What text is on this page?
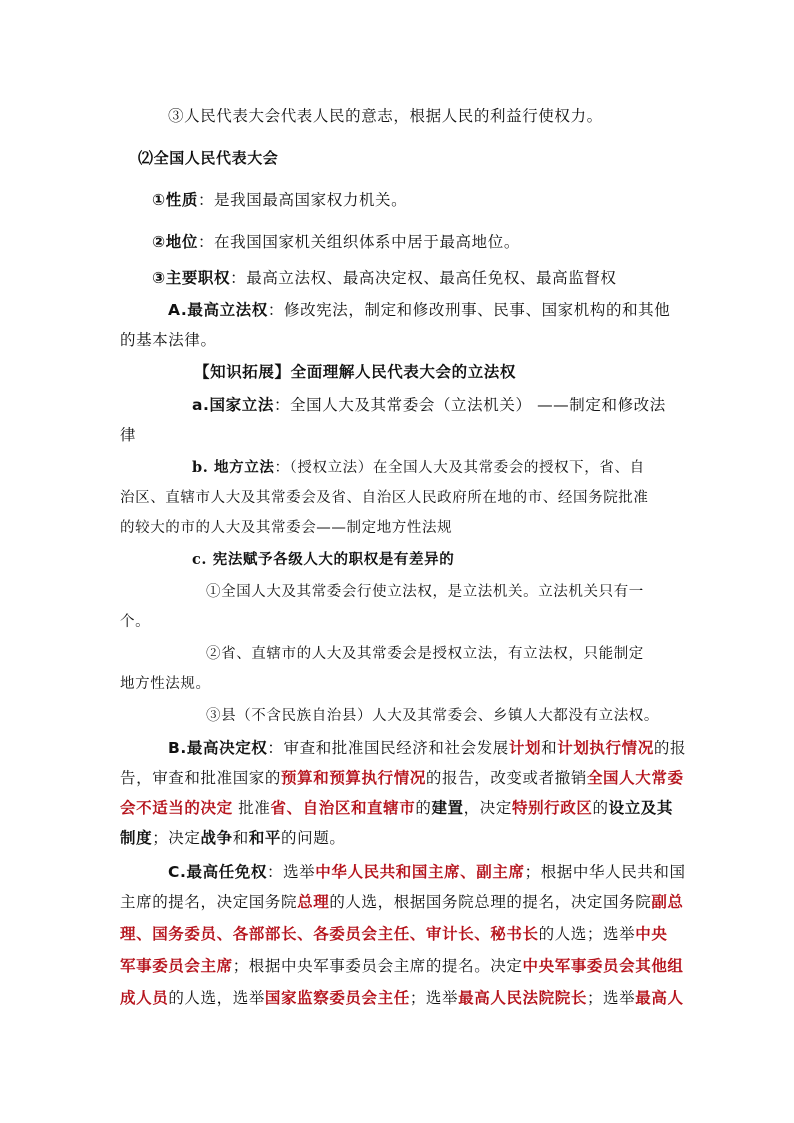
③人民代表大会代表人民的意志，根据人民的利益行使权力。
⑵全国人民代表大会
①性质：是我国最高国家权力机关。
②地位：在我国国家机关组织体系中居于最高地位。
③主要职权：最高立法权、最高决定权、最高任免权、最高监督权
A.最高立法权：修改宪法，制定和修改刑事、民事、国家机构的和其他
的基本法律。
【知识拓展】全面理解人民代表大会的立法权
a.国家立法：全国人大及其常委会（立法机关） ——制定和修改法
律
b. 地方立法：（授权立法）在全国人大及其常委会的授权下，省、自
治区、直辖市人大及其常委会及省、自治区人民政府所在地的市、经国务院批准
的较大的市的人大及其常委会——制定地方性法规
c. 宪法赋予各级人大的职权是有差异的
①全国人大及其常委会行使立法权，是立法机关。立法机关只有一
个。
②省、直辖市的人大及其常委会是授权立法，有立法权，只能制定
地方性法规。
③县（不含民族自治县）人大及其常委会、乡镇人大都没有立法权。
B.最高决定权：审查和批准国民经济和社会发展计划和计划执行情况的报
告，审查和批准国家的预算和预算执行情况的报告，改变或者撤销全国人大常委
会不适当的决定 批准省、自治区和直辖市的建置，决定特别行政区的设立及其
制度；决定战争和和平的问题。
C.最高任免权：选举中华人民共和国主席、副主席；根据中华人民共和国
主席的提名，决定国务院总理的人选，根据国务院总理的提名，决定国务院副总
理、国务委员、各部部长、各委员会主任、审计长、秘书长的人选；选举中央
军事委员会主席；根据中央军事委员会主席的提名。决定中央军事委员会其他组
成人员的人选，选举国家监察委员会主任；选举最高人民法院院长；选举最高人
